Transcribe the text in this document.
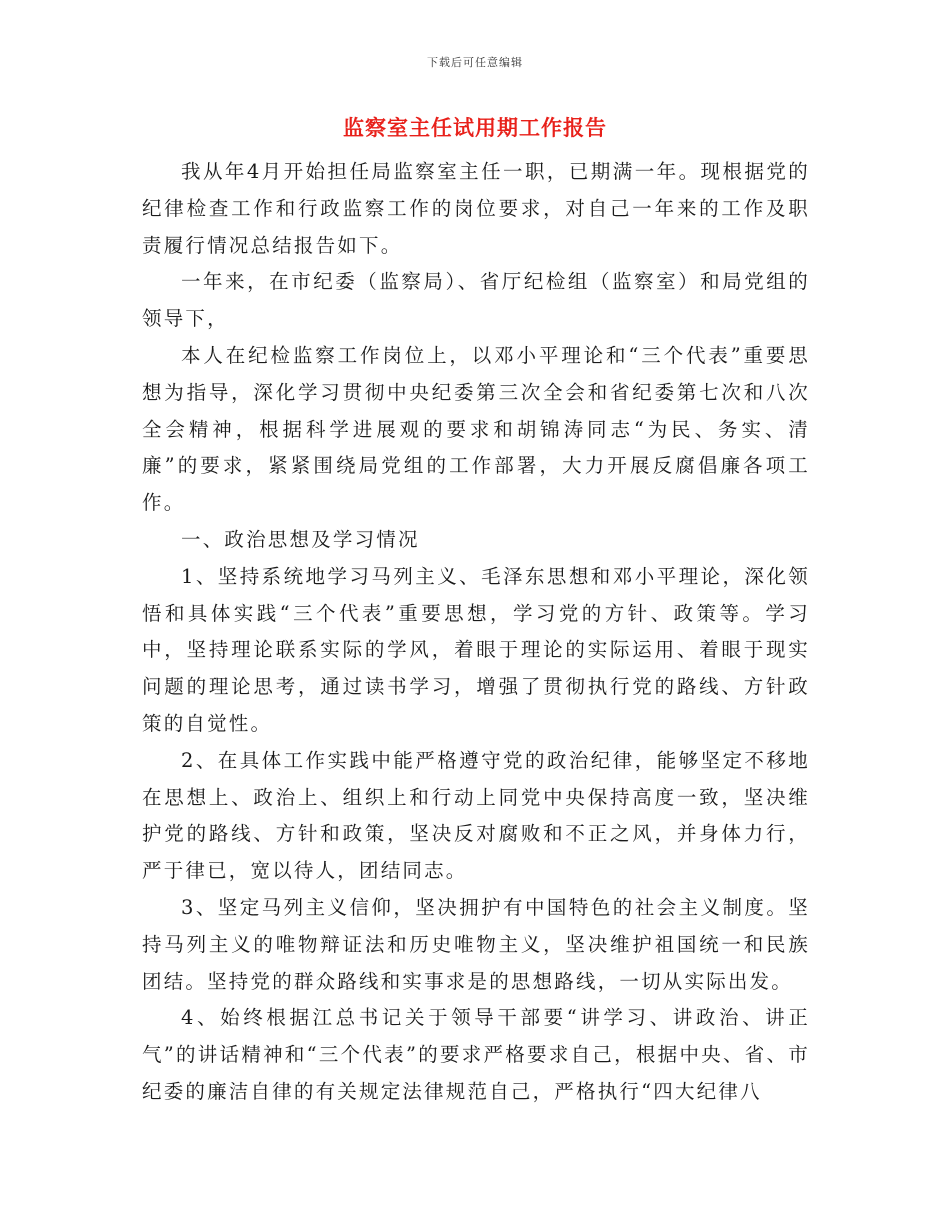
下载后可任意编辑
监察室主任试用期工作报告

我从年4月开始担任局监察室主任一职，已期满一年。现根据党的纪律检查工作和行政监察工作的岗位要求，对自己一年来的工作及职责履行情况总结报告如下。

一年来，在市纪委（监察局）、省厅纪检组（监察室）和局党组的领导下，

本人在纪检监察工作岗位上，以邓小平理论和“三个代表”重要思想为指导，深化学习贯彻中央纪委第三次全会和省纪委第七次和八次全会精神，根据科学进展观的要求和胡锦涛同志“为民、务实、清廉”的要求，紧紧围绕局党组的工作部署，大力开展反腐倡廉各项工作。

一、政治思想及学习情况

1、坚持系统地学习马列主义、毛泽东思想和邓小平理论，深化领悟和具体实践“三个代表”重要思想，学习党的方针、政策等。学习中，坚持理论联系实际的学风，着眼于理论的实际运用、着眼于现实问题的理论思考，通过读书学习，增强了贯彻执行党的路线、方针政策的自觉性。

2、在具体工作实践中能严格遵守党的政治纪律，能够坚定不移地在思想上、政治上、组织上和行动上同党中央保持高度一致，坚决维护党的路线、方针和政策，坚决反对腐败和不正之风，并身体力行，严于律已，宽以待人，团结同志。

3、坚定马列主义信仰，坚决拥护有中国特色的社会主义制度。坚持马列主义的唯物辩证法和历史唯物主义，坚决维护祖国统一和民族团结。坚持党的群众路线和实事求是的思想路线，一切从实际出发。

4、始终根据江总书记关于领导干部要“讲学习、讲政治、讲正气”的讲话精神和“三个代表”的要求严格要求自己，根据中央、省、市纪委的廉洁自律的有关规定法律规范自己，严格执行“四大纪律八
